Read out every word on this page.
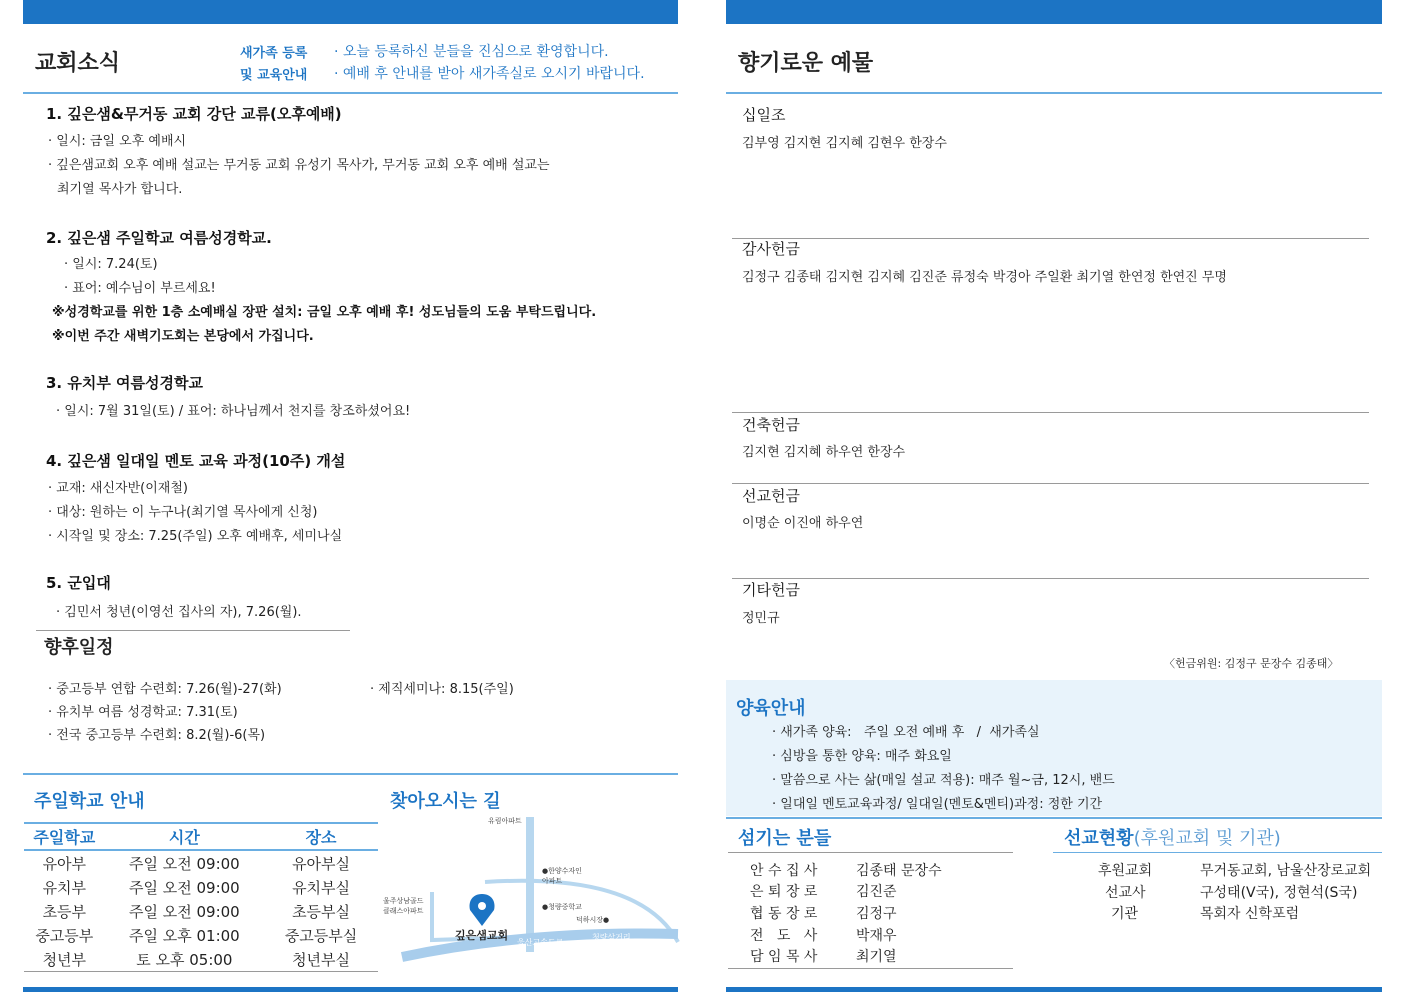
교회소식	새가족 등록
및 교육안내
· 오늘 등록하신 분들을 진심으로 환영합니다.
· 예배 후 안내를 받아 새가족실로 오시기 바랍니다.
1. 깊은샘&무거동 교회 강단 교류(오후예배)
· 일시: 금일 오후 예배시
· 깊은샘교회 오후 예배 설교는 무거동 교회 유성기 목사가, 무거동 교회 오후 예배 설교는
최기열 목사가 합니다.
2. 깊은샘 주일학교 여름성경학교.
· 일시: 7.24(토)
· 표어: 예수님이 부르세요!
※성경학교를 위한 1층 소예배실 장판 설치: 금일 오후 예배 후! 성도님들의 도움 부탁드립니다.
※이번 주간 새벽기도회는 본당에서 가집니다.
3. 유치부 여름성경학교
· 일시: 7월 31일(토) / 표어: 하나님께서 천지를 창조하셨어요!
4. 깊은샘 일대일 멘토 교육 과정(10주) 개설
· 교재: 새신자반(이재철)
· 대상: 원하는 이 누구나(최기열 목사에게 신청)
· 시작일 및 장소: 7.25(주일) 오후 예배후, 세미나실
5. 군입대
· 김민서 청년(이영선 집사의 자), 7.26(월).
향후일정
· 중고등부 연합 수련회: 7.26(월)-27(화)
· 유치부 여름 성경학교: 7.31(토)
· 전국 중고등부 수련회: 8.2(월)-6(목)
· 제직세미나: 8.15(주일)
주일학교 안내
주일학교	시간	장소
유아부	주일 오전 09:00	유아부실
유치부	주일 오전 09:00	유치부실
초등부	주일 오전 09:00	초등부실
중고등부	주일 오후 01:00	중고등부실
청년부	토 오후 05:00	청년부실
찾아오시는 길
유림아파트
●한양수자인
아파트
울주상남골드
클래스아파트	●청량중학교
덕하시장●
깊은샘교회
울산고속도로
청량삼거리
향기로운 예물
십일조
김부영 김지현 김지혜 김현우 한장수
감사헌금
김정구 김종태 김지현 김지혜 김진준 류정숙 박경아 주일환 최기열 한연정 한연진 무명
건축헌금
김지현 김지혜 하우연 한장수
선교헌금
이명순 이진애 하우연
기타헌금
정민규
〈헌금위원: 김정구 문장수 김종태〉
양육안내
· 새가족 양육:   주일 오전 예배 후   /  새가족실
· 심방을 통한 양육: 매주 화요일
· 말씀으로 사는 삶(매일 설교 적용): 매주 월~금, 12시, 밴드
· 일대일 멘토교육과정/ 일대일(멘토&멘티)과정: 정한 기간
섬기는 분들
안 수 집 사	김종태 문장수
은 퇴 장 로	김진준
협 동 장 로	김정구
전   도   사	박재우
담 임 목 사	최기열
선교현황(후원교회 및 기관)
후원교회	무거동교회, 남울산장로교회
선교사	구성태(V국), 정현석(S국)
기관	목회자 신학포럼
